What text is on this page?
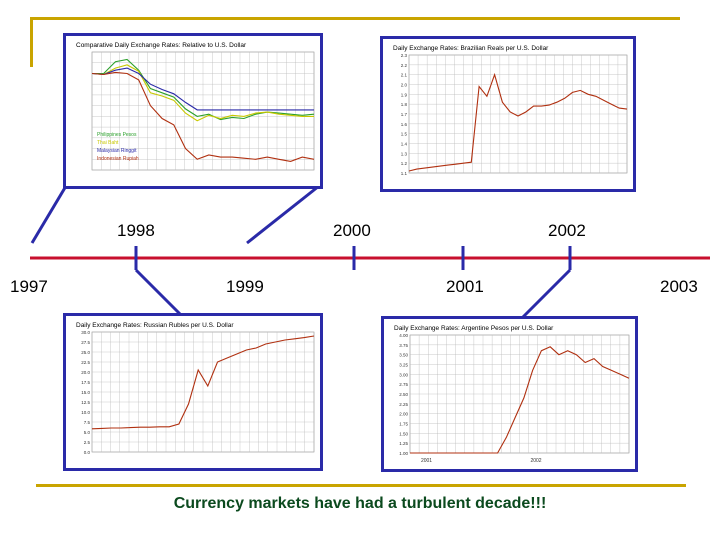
1998	2000	2002
1997	1999	2001	2003
Comparative Daily Exchange Rates: Relative to U.S. Dollar
Philippines Pesos
Thai Baht
Malaysian Ringgit
Indonesian Rupiah
Daily Exchange Rates: Brazilian Reals per U.S. Dollar
2.3
2.2
2.1
2.0
1.9
1.8
1.7
1.6
1.5
1.4
1.3
1.2
1.1
Daily Exchange Rates: Russian Rubles per U.S. Dollar
30.0
27.5
25.0
22.5
20.0
17.5
15.0
12.5
10.0
7.5
5.0
2.5
0.0
Daily Exchange Rates: Argentine Pesos per U.S. Dollar
4.00
3.75
3.50
3.25
3.00
2.75
2.50
2.25
2.00
1.75
1.50
1.25
1.00
2001	2002
Currency markets have had a turbulent decade!!!
